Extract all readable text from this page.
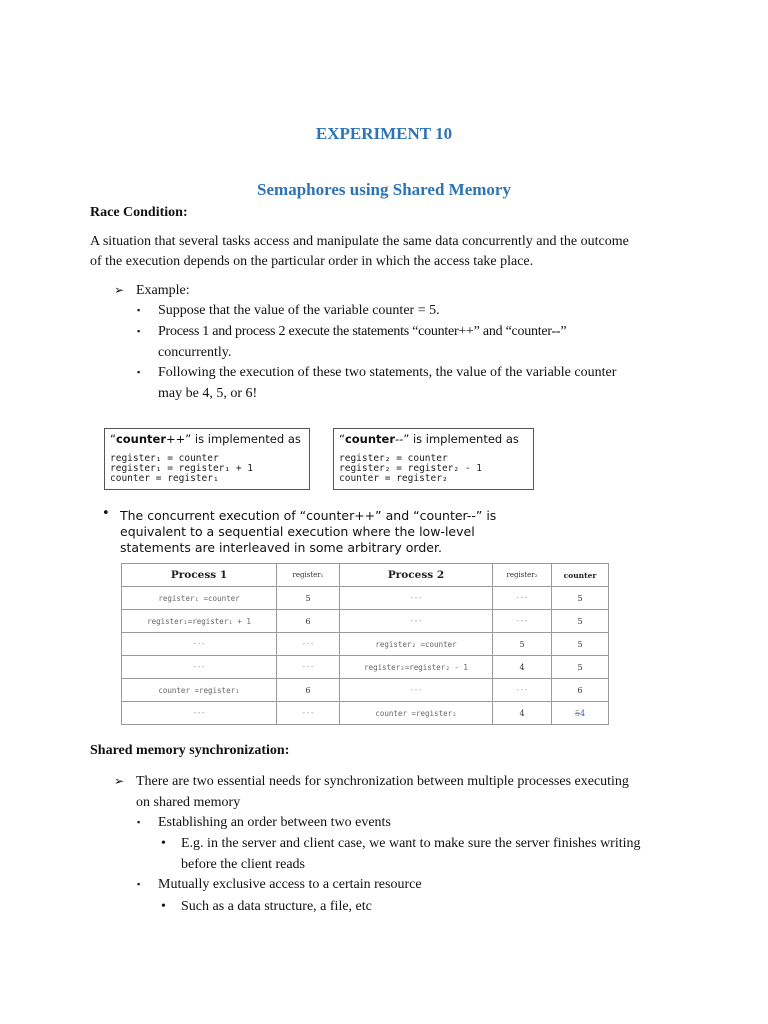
EXPERIMENT 10
Semaphores using Shared Memory
Race Condition:
A situation that several tasks access and manipulate the same data concurrently and the outcome
of the execution depends on the particular order in which the access take place.
➢ Example:
▪ Suppose that the value of the variable counter = 5.
▪ Process 1 and process 2 execute the statements “counter++” and “counter--”
concurrently.
▪ Following the execution of these two statements, the value of the variable counter
may be 4, 5, or 6!
“counter++” is implemented as
register₁ = counter
register₁ = register₁ + 1
counter = register₁
“counter--” is implemented as
register₂ = counter
register₂ = register₂ - 1
counter = register₂
• The concurrent execution of “counter++” and “counter--” is
equivalent to a sequential execution where the low-level
statements are interleaved in some arbitrary order.
Process 1	register₁	Process 2	register₂	counter
register₁ =counter	5	---	---	5
register₁=register₁ + 1	6	---	---	5
---	---	register₂ =counter	5	5
---	---	register₂=register₂ - 1	4	5
counter =register₁	6	---	---	6
---	---	counter =register₂	4	54
Shared memory synchronization:
➢ There are two essential needs for synchronization between multiple processes executing
on shared memory
▪ Establishing an order between two events
• E.g. in the server and client case, we want to make sure the server finishes writing
before the client reads
▪ Mutually exclusive access to a certain resource
• Such as a data structure, a file, etc
